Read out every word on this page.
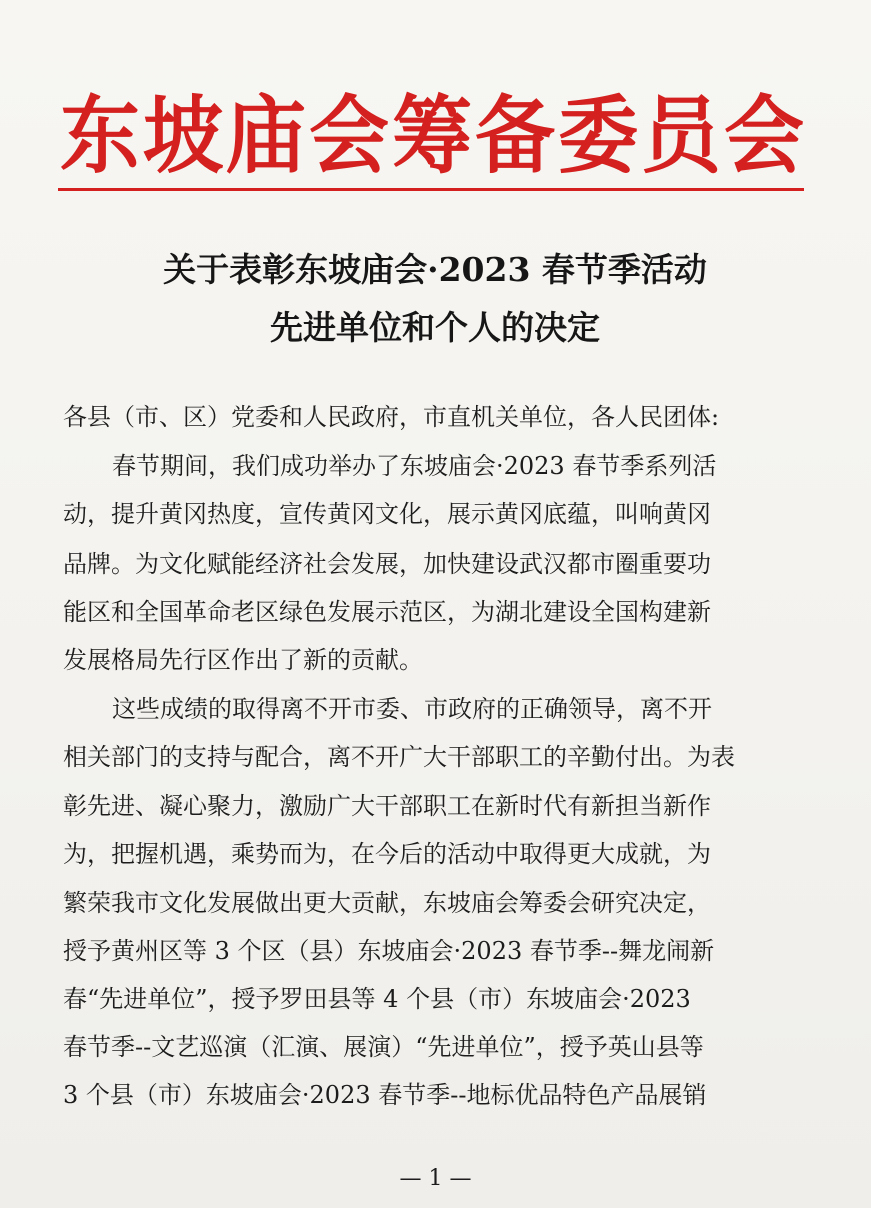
东坡庙会筹备委员会
关于表彰东坡庙会·2023 春节季活动
先进单位和个人的决定
各县（市、区）党委和人民政府，市直机关单位，各人民团体:
春节期间，我们成功举办了东坡庙会·2023 春节季系列活
动，提升黄冈热度，宣传黄冈文化，展示黄冈底蕴，叫响黄冈
品牌。为文化赋能经济社会发展，加快建设武汉都市圈重要功
能区和全国革命老区绿色发展示范区，为湖北建设全国构建新
发展格局先行区作出了新的贡献。
这些成绩的取得离不开市委、市政府的正确领导，离不开
相关部门的支持与配合，离不开广大干部职工的辛勤付出。为表
彰先进、凝心聚力，激励广大干部职工在新时代有新担当新作
为，把握机遇，乘势而为，在今后的活动中取得更大成就，为
繁荣我市文化发展做出更大贡献，东坡庙会筹委会研究决定，
授予黄州区等 3 个区（县）东坡庙会·2023 春节季--舞龙闹新
春“先进单位”，授予罗田县等 4 个县（市）东坡庙会·2023
春节季--文艺巡演（汇演、展演）“先进单位”，授予英山县等
3 个县（市）东坡庙会·2023 春节季--地标优品特色产品展销
— 1 —
